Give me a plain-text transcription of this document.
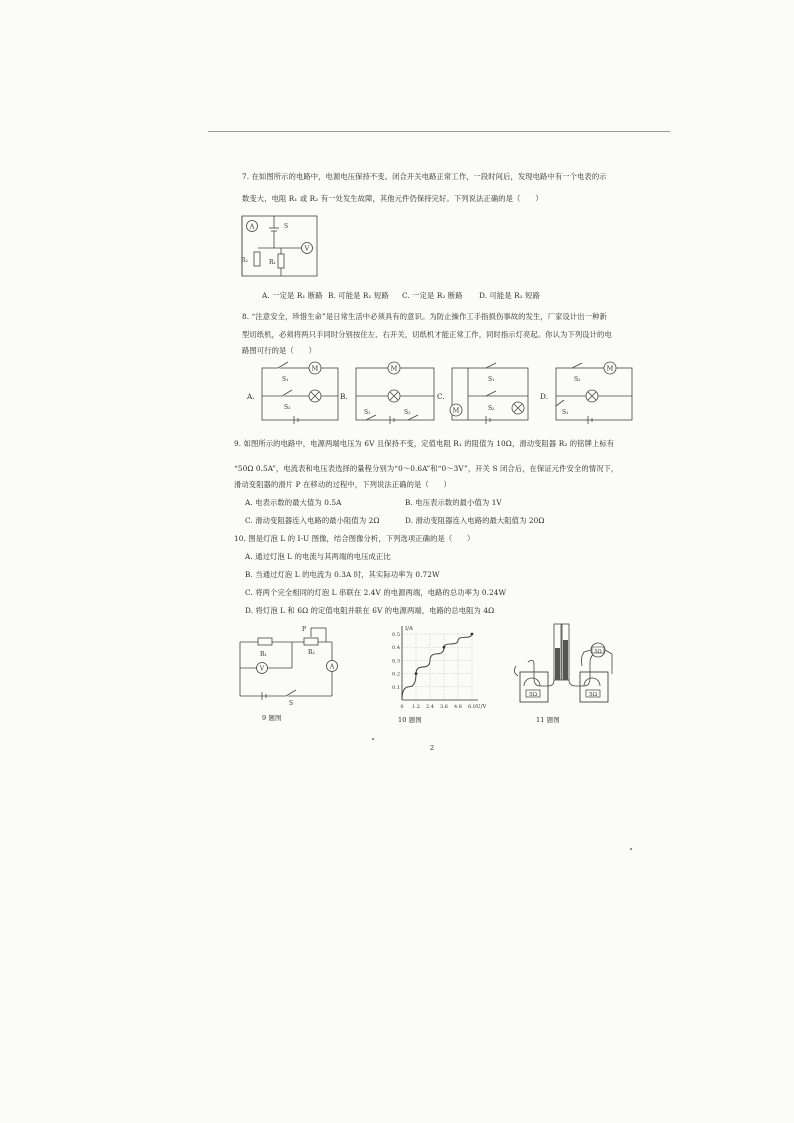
7. 在如图所示的电路中，电源电压保持不变。闭合开关电路正常工作，一段时间后，发现电路中有一个电表的示
数变大，电阻 R₁ 或 R₂ 有一处发生故障，其他元件仍保持完好。下列说法正确的是（　　）
A	S
R₂	R₁
V
A. 一定是 R₁ 断路 B. 可能是 R₁ 短路 C. 一定是 R₂ 断路 D. 可能是 R₂ 短路
8. “注意安全，珍惜生命”是日常生活中必须具有的意识。为防止操作工手指损伤事故的发生，厂家设计出一种新
型切纸机，必须将两只手同时分别按住左、右开关，切纸机才能正常工作，同时指示灯亮起。你认为下列设计的电
路图可行的是（　　）
A.
M
S₁
S₂
B.
M
S₁	S₂
C.
M
S₁
S₂
D.
M
S₂
S₁
9. 如图所示的电路中，电源两端电压为 6V 且保持不变，定值电阻 R₁ 的阻值为 10Ω，滑动变阻器 R₂ 的铭牌上标有
“50Ω 0.5A”，电流表和电压表选择的量程分别为“0～0.6A”和“0～3V”，开关 S 闭合后，在保证元件安全的情况下，
滑动变阻器的滑片 P 在移动的过程中，下列说法正确的是（　　）
A. 电表示数的最大值为 0.5A	B. 电压表示数的最小值为 1V
C. 滑动变阻器连入电路的最小阻值为 2Ω	D. 滑动变阻器连入电路的最大阻值为 20Ω
10. 图是灯泡 L 的 I-U 图像，结合图像分析，下列选项正确的是（　　）
A. 通过灯泡 L 的电流与其两端的电压成正比
B. 当通过灯泡 L 的电流为 0.3A 时，其实际功率为 0.72W
C. 将两个完全相同的灯泡 L 串联在 2.4V 的电源两端，电路的总功率为 0.24W
D. 将灯泡 L 和 6Ω 的定值电阻并联在 6V 的电源两端，电路的总电阻为 4Ω
R₁	R₂
P
V	A
S
9 题图
0 1.2 2.4 3.6 4.8 6.0
0.1
0.2
0.3
0.4
0.5
U/V
I/A
10 题图
5Ω	5Ω
5Ω
11 题图
2
